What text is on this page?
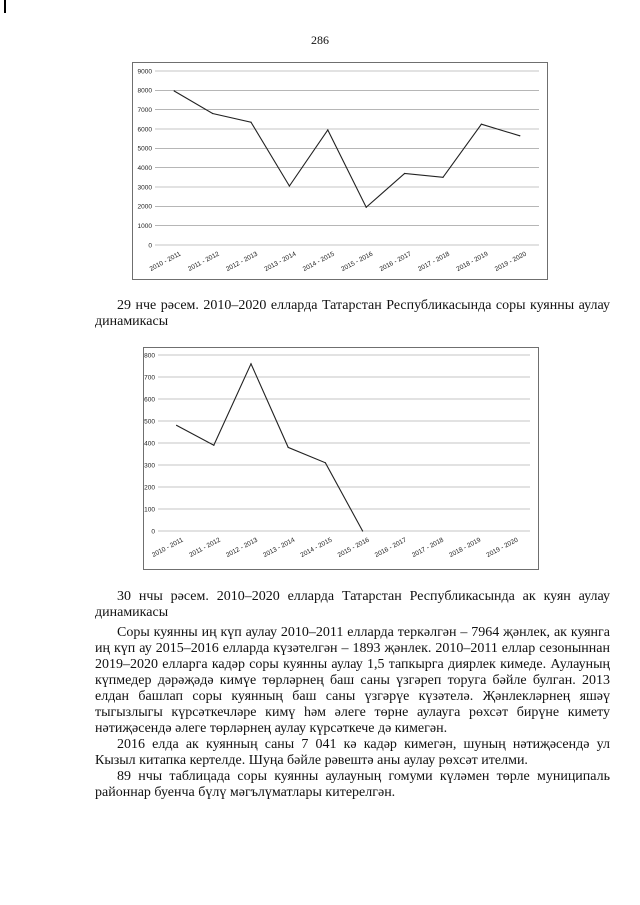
286
0
1000
2000
3000
4000
5000
6000
7000
8000
9000
2010 - 2011 2011 - 2012 2012 - 2013 2013 - 2014 2014 - 2015 2015 - 2016 2016 - 2017 2017 - 2018 2018 - 2019 2019 - 2020
29 нче рәсем. 2010–2020 елларда Татарстан Республикасында соры куянны аулау динамикасы
0
100
200
300
400
500
600
700
800
2010 - 2011 2011 - 2012 2012 - 2013 2013 - 2014 2014 - 2015 2015 - 2016 2016 - 2017 2017 - 2018 2018 - 2019 2019 - 2020
30 нчы рәсем. 2010–2020 елларда Татарстан Республикасында ак куян аулау динамикасы

Соры куянны иң күп аулау 2010–2011 елларда теркәлгән – 7964 җәнлек, ак куянга иң күп ау 2015–2016 елларда күзәтелгән – 1893 җәнлек. 2010–2011 еллар сезоныннан 2019–2020 елларга кадәр соры куянны аулау 1,5 тапкырга диярлек кимеде. Аулауның күпмедер дәрәҗәдә кимүе төрләрнең баш саны үзгәреп торуга бәйле булган. 2013 елдан башлап соры куянның баш саны үзгәрүе күзәтелә. Җәнлекләрнең яшәү тыгызлыгы күрсәткечләре кимү һәм әлеге төрне аулауга рөхсәт бирүне кимету нәтиҗәсендә әлеге төрләрнең аулау күрсәткече дә кимегән.

2016 елда ак куянның саны 7 041 кә кадәр кимегән, шуның нәтиҗәсендә ул Кызыл китапка кертелде. Шуңа бәйле рәвештә аны аулау рөхсәт ителми.

89 нчы таблицада соры куянны аулауның гомуми күләмен төрле муниципаль районнар буенча бүлү мәгълүматлары китерелгән.
